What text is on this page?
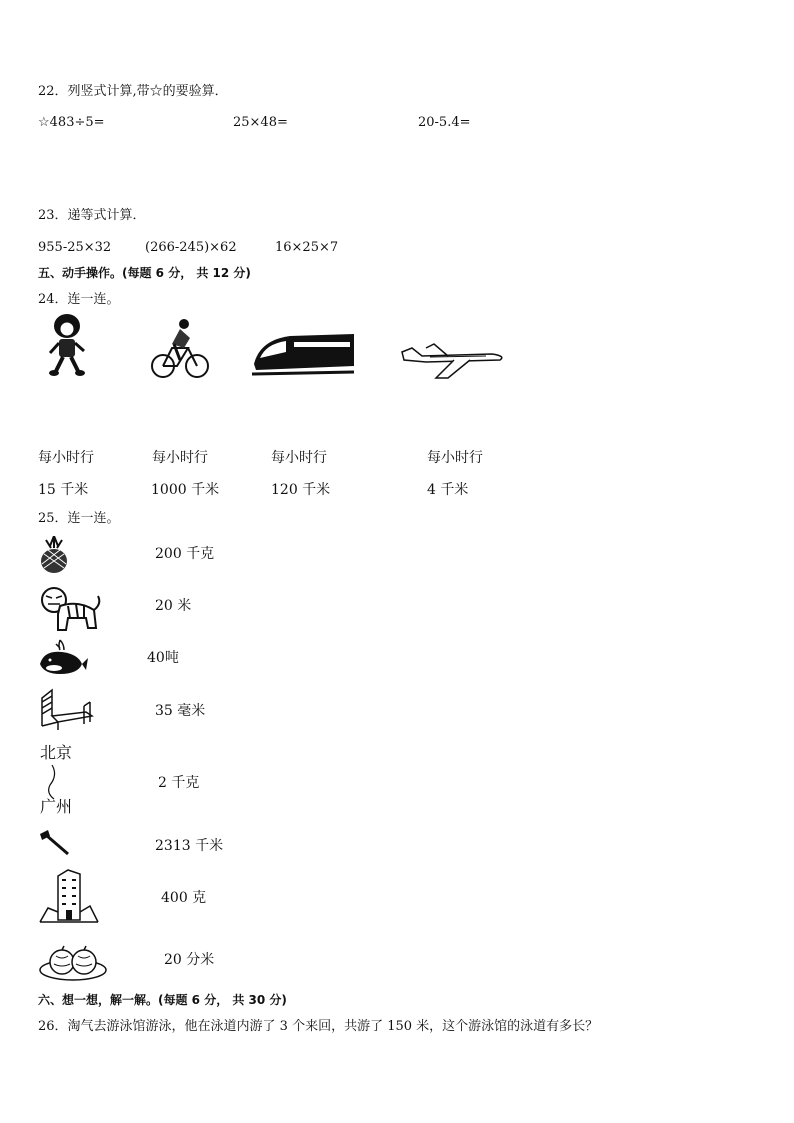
22．列竖式计算,带☆的要验算．
☆483÷5=	25×48=	20-5.4=
23．递等式计算．
955-25×32	(266-245)×62	16×25×7
五、动手操作。(每题 6 分， 共 12 分)
24．连一连。
每小时行	每小时行	每小时行	每小时行
15 千米	1000 千米	120 千米	4 千米
25．连一连。
200 千克
20 米
40吨
35 毫米
北京
广州
2 千克
2313 千米
400 克
20 分米
六、想一想，解一解。(每题 6 分， 共 30 分)
26．淘气去游泳馆游泳，他在泳道内游了 3 个来回，共游了 150 米，这个游泳馆的泳道有多长？
